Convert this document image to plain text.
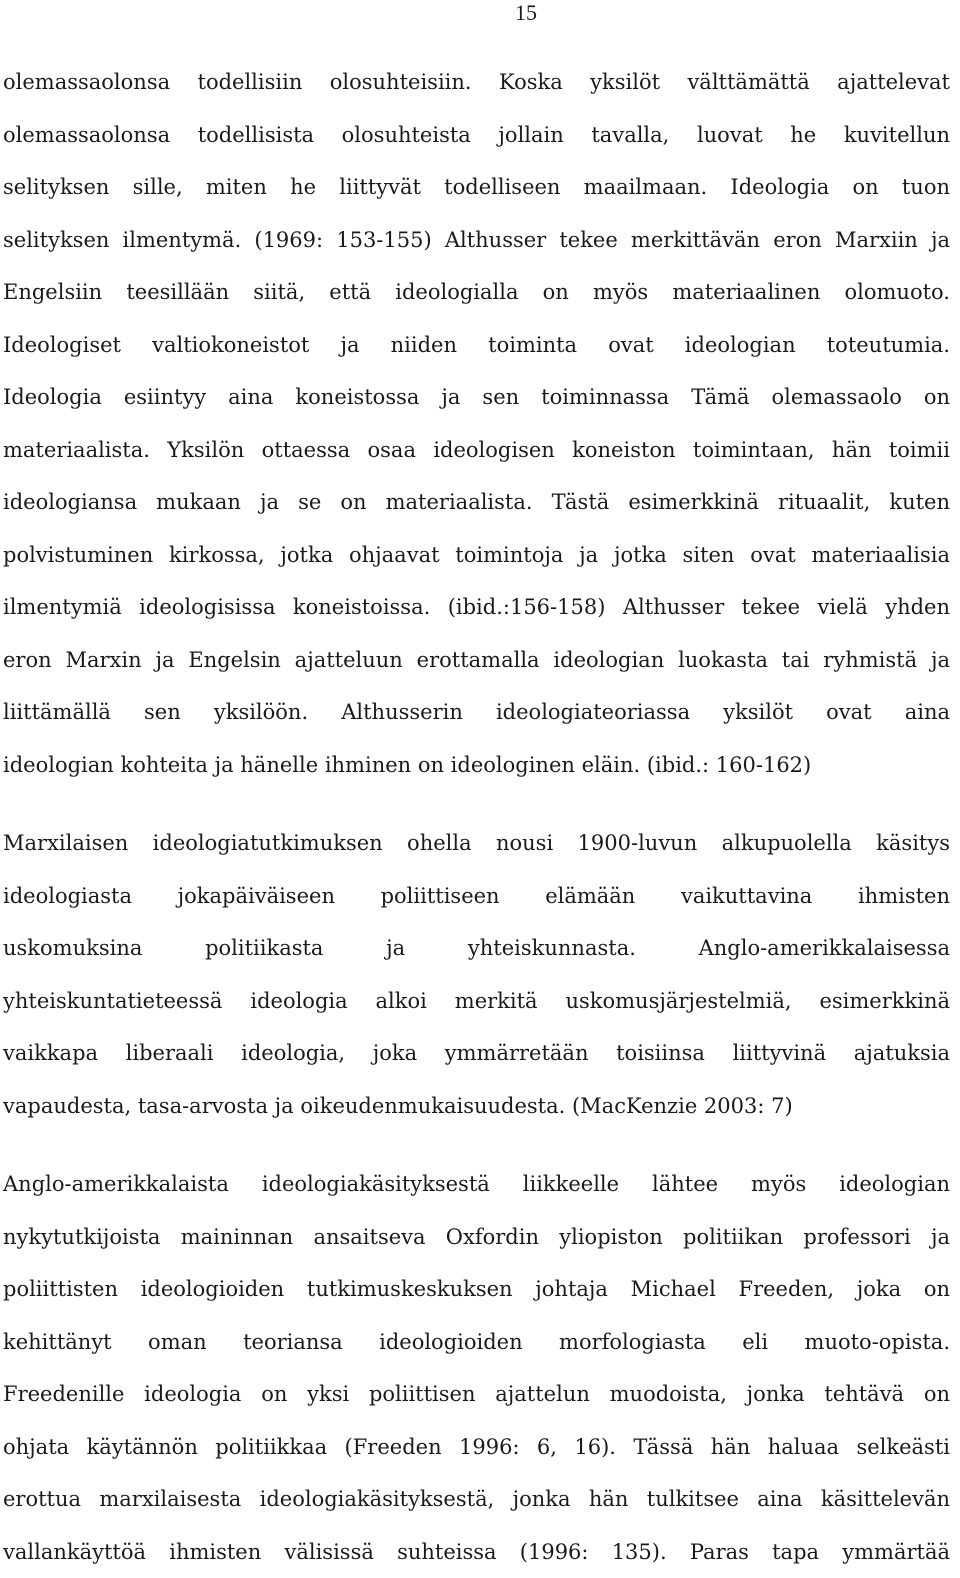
15
olemassaolonsa todellisiin olosuhteisiin. Koska yksilöt välttämättä ajattelevat
olemassaolonsa todellisista olosuhteista jollain tavalla, luovat he kuvitellun
selityksen sille, miten he liittyvät todelliseen maailmaan. Ideologia on tuon
selityksen ilmentymä. (1969: 153-155) Althusser tekee merkittävän eron Marxiin ja
Engelsiin teesillään siitä, että ideologialla on myös materiaalinen olomuoto.
Ideologiset valtiokoneistot ja niiden toiminta ovat ideologian toteutumia.
Ideologia esiintyy aina koneistossa ja sen toiminnassa Tämä olemassaolo on
materiaalista. Yksilön ottaessa osaa ideologisen koneiston toimintaan, hän toimii
ideologiansa mukaan ja se on materiaalista. Tästä esimerkkinä rituaalit, kuten
polvistuminen kirkossa, jotka ohjaavat toimintoja ja jotka siten ovat materiaalisia
ilmentymiä ideologisissa koneistoissa. (ibid.:156-158) Althusser tekee vielä yhden
eron Marxin ja Engelsin ajatteluun erottamalla ideologian luokasta tai ryhmistä ja
liittämällä sen yksilöön. Althusserin ideologiateoriassa yksilöt ovat aina
ideologian kohteita ja hänelle ihminen on ideologinen eläin. (ibid.: 160-162)
Marxilaisen ideologiatutkimuksen ohella nousi 1900-luvun alkupuolella käsitys
ideologiasta jokapäiväiseen poliittiseen elämään vaikuttavina ihmisten
uskomuksina politiikasta ja yhteiskunnasta. Anglo-amerikkalaisessa
yhteiskuntatieteessä ideologia alkoi merkitä uskomusjärjestelmiä, esimerkkinä
vaikkapa liberaali ideologia, joka ymmärretään toisiinsa liittyvinä ajatuksia
vapaudesta, tasa-arvosta ja oikeudenmukaisuudesta. (MacKenzie 2003: 7)
Anglo-amerikkalaista ideologiakäsityksestä liikkeelle lähtee myös ideologian
nykytutkijoista maininnan ansaitseva Oxfordin yliopiston politiikan professori ja
poliittisten ideologioiden tutkimuskeskuksen johtaja Michael Freeden, joka on
kehittänyt oman teoriansa ideologioiden morfologiasta eli muoto-opista.
Freedenille ideologia on yksi poliittisen ajattelun muodoista, jonka tehtävä on
ohjata käytännön politiikkaa (Freeden 1996: 6, 16). Tässä hän haluaa selkeästi
erottua marxilaisesta ideologiakäsityksestä, jonka hän tulkitsee aina käsittelevän
vallankäyttöä ihmisten välisissä suhteissa (1996: 135). Paras tapa ymmärtää
